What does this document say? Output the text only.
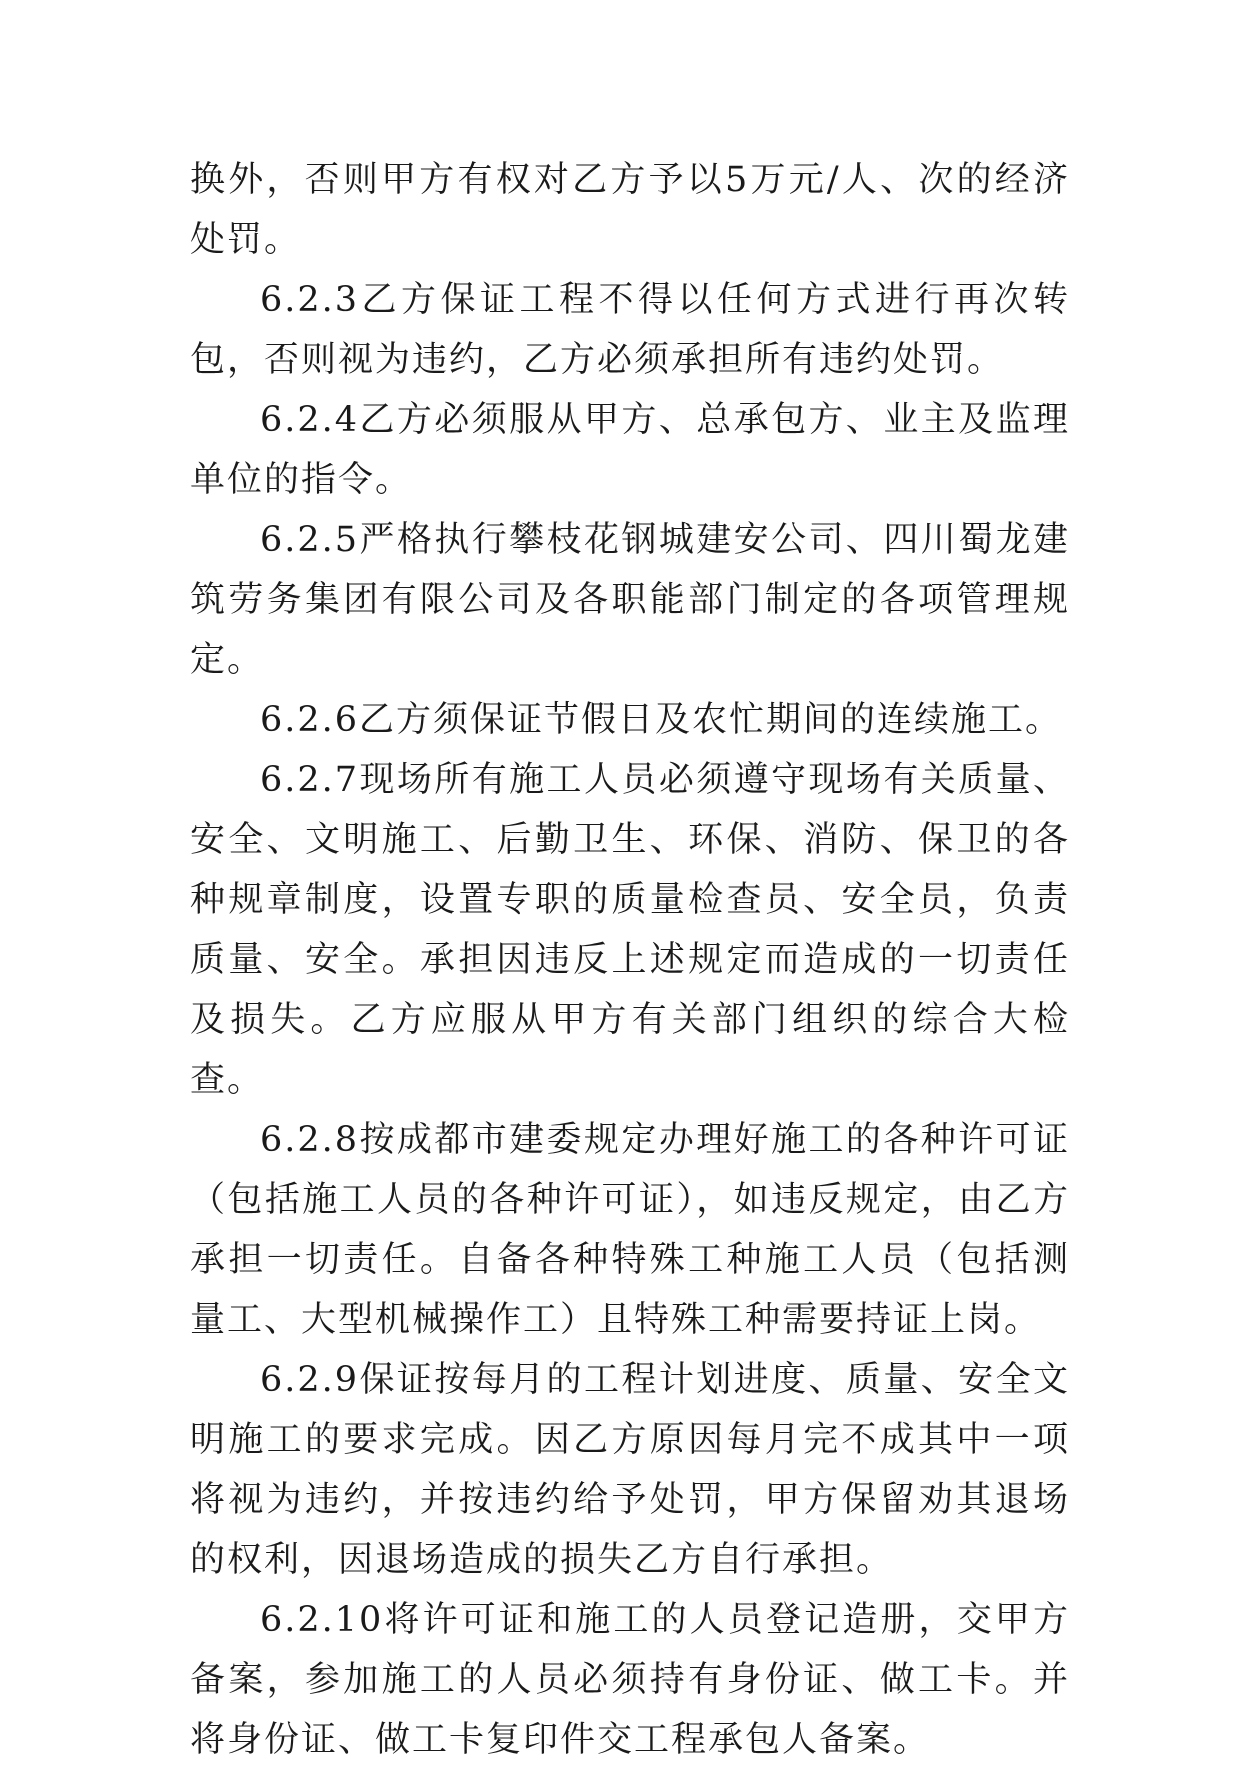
换外，否则甲方有权对乙方予以5万元/人、次的经济处罚。

6.2.3乙方保证工程不得以任何方式进行再次转包，否则视为违约，乙方必须承担所有违约处罚。

6.2.4乙方必须服从甲方、总承包方、业主及监理单位的指令。

6.2.5严格执行攀枝花钢城建安公司、四川蜀龙建筑劳务集团有限公司及各职能部门制定的各项管理规定。

6.2.6乙方须保证节假日及农忙期间的连续施工。

6.2.7现场所有施工人员必须遵守现场有关质量、安全、文明施工、后勤卫生、环保、消防、保卫的各种规章制度，设置专职的质量检查员、安全员，负责质量、安全。承担因违反上述规定而造成的一切责任及损失。乙方应服从甲方有关部门组织的综合大检查。

6.2.8按成都市建委规定办理好施工的各种许可证（包括施工人员的各种许可证），如违反规定，由乙方承担一切责任。自备各种特殊工种施工人员（包括测量工、大型机械操作工）且特殊工种需要持证上岗。

6.2.9保证按每月的工程计划进度、质量、安全文明施工的要求完成。因乙方原因每月完不成其中一项将视为违约，并按违约给予处罚，甲方保留劝其退场的权利，因退场造成的损失乙方自行承担。

6.2.10将许可证和施工的人员登记造册，交甲方备案，参加施工的人员必须持有身份证、做工卡。并将身份证、做工卡复印件交工程承包人备案。
